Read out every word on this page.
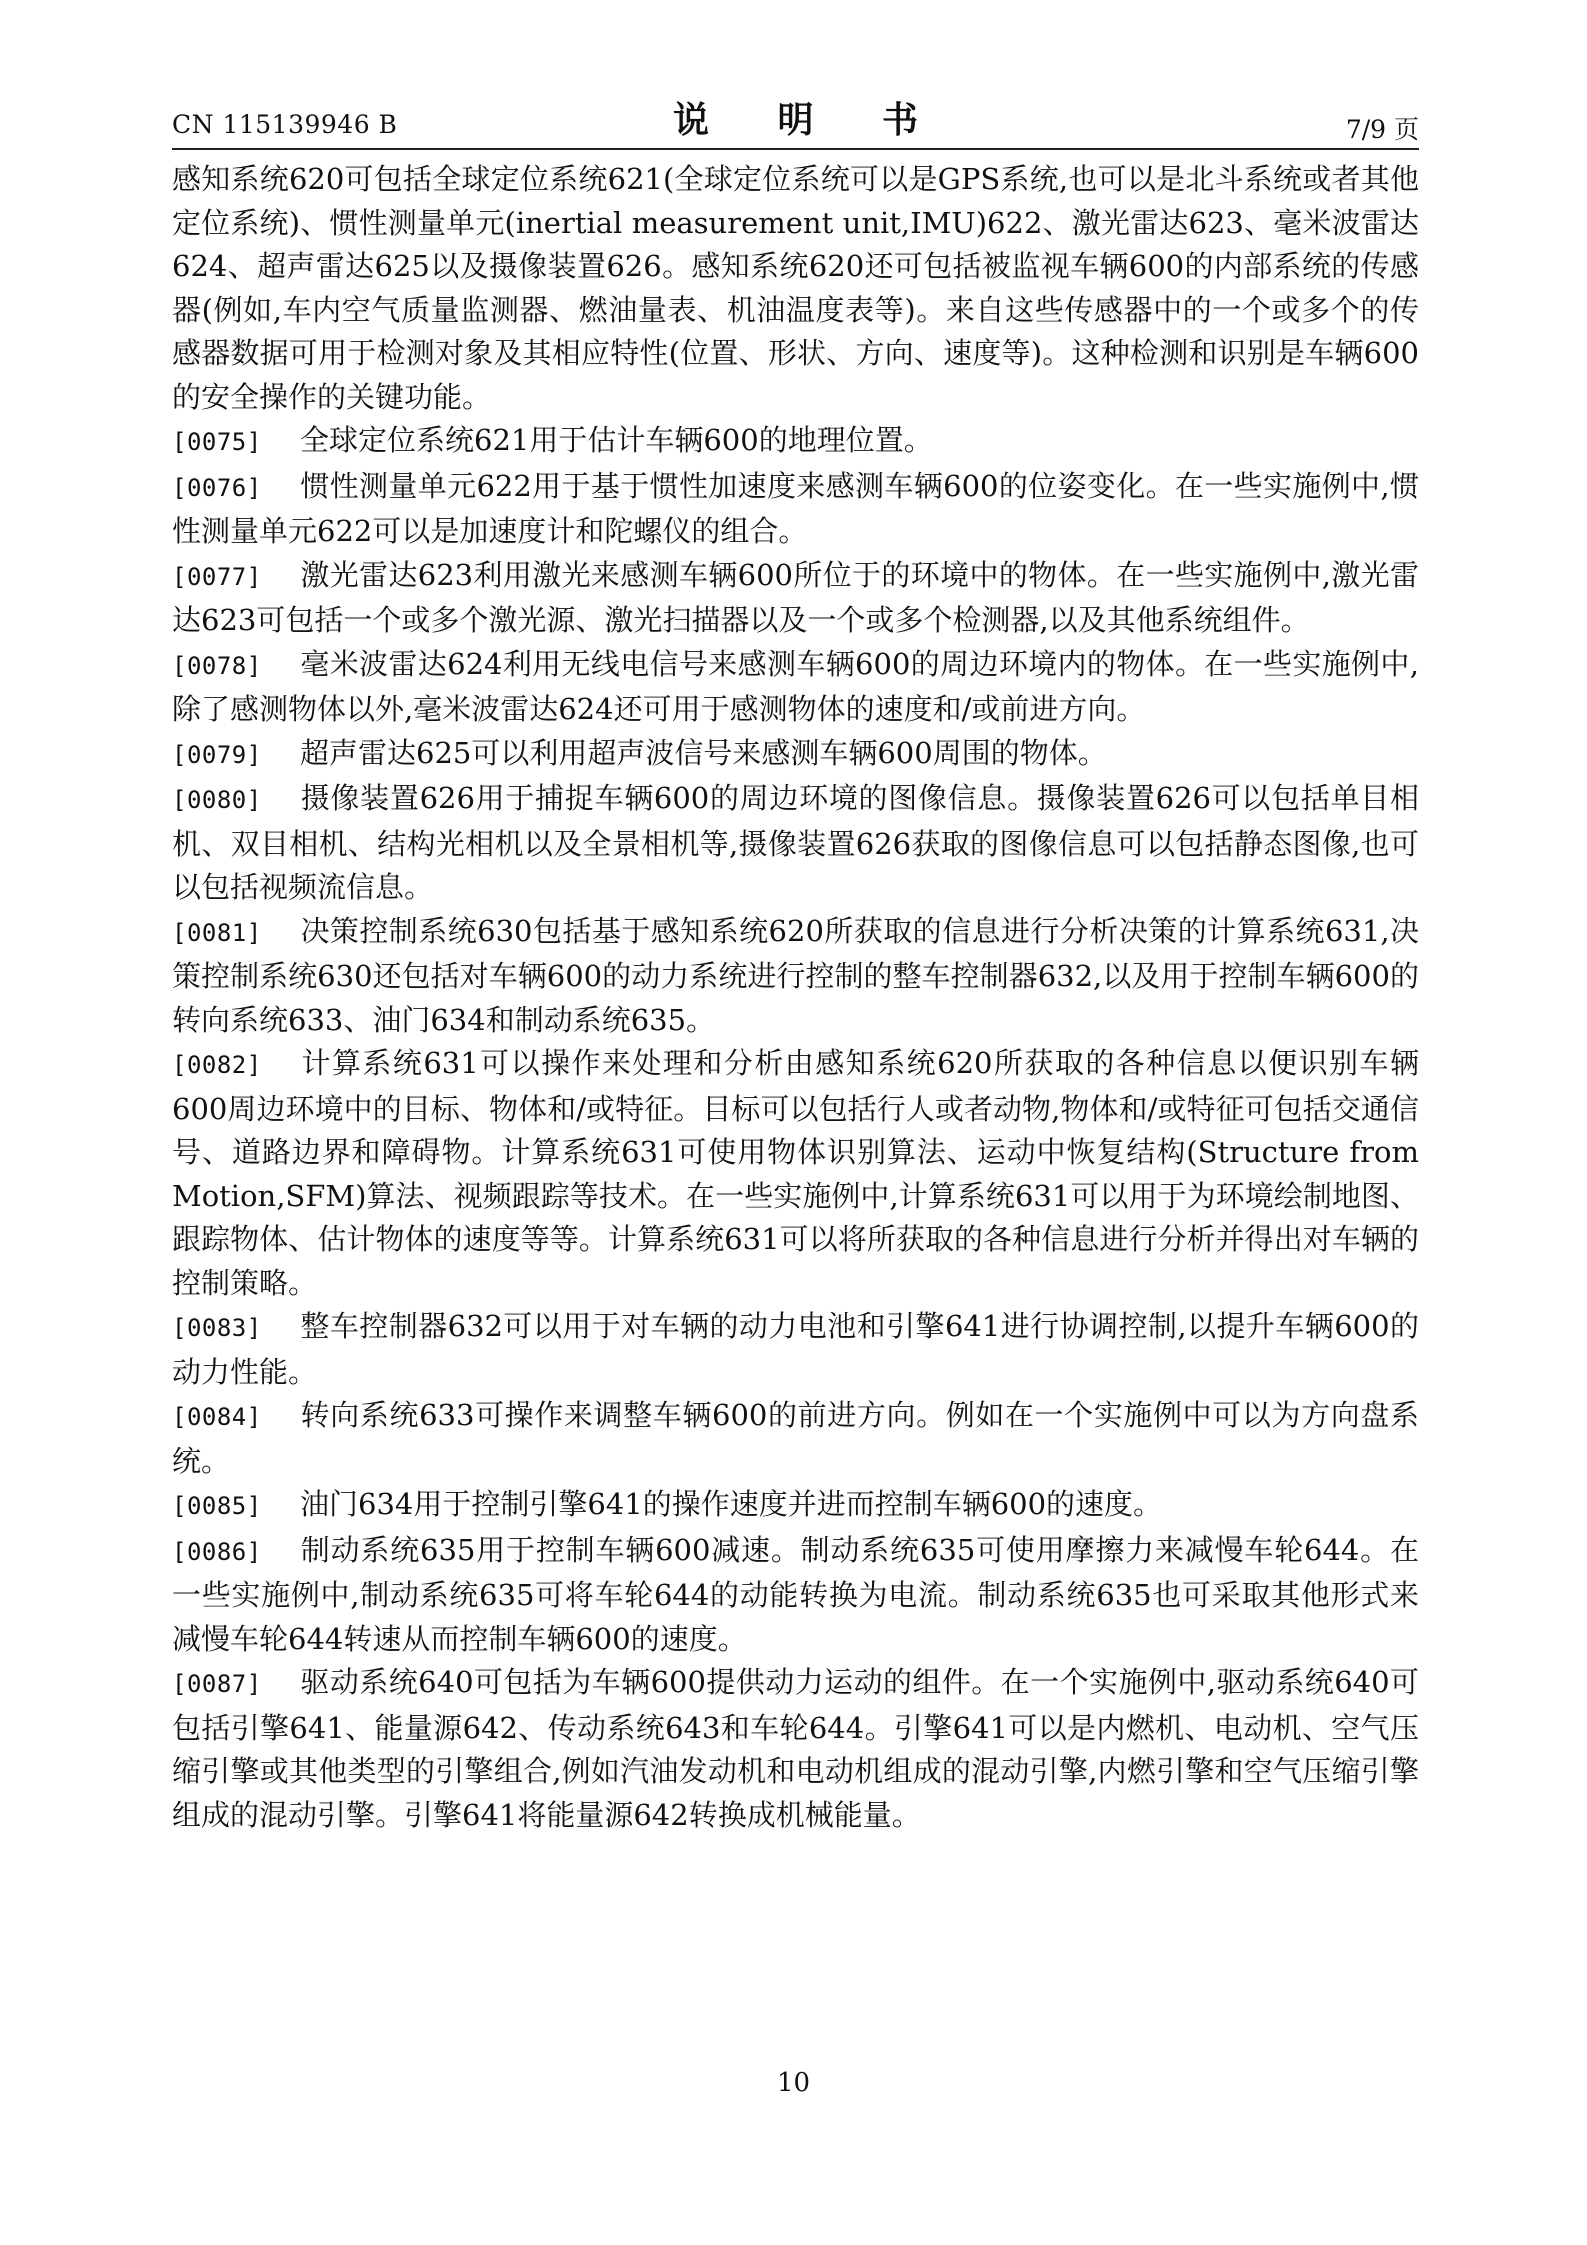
CN 115139946 B	说 明 书	7/9 页

感知系统620可包括全球定位系统621(全球定位系统可以是GPS系统,也可以是北斗系统或者其他定位系统)、惯性测量单元(inertial measurement unit,IMU)622、激光雷达623、毫米波雷达624、超声雷达625以及摄像装置626。感知系统620还可包括被监视车辆600的内部系统的传感器(例如,车内空气质量监测器、燃油量表、机油温度表等)。来自这些传感器中的一个或多个的传感器数据可用于检测对象及其相应特性(位置、形状、方向、速度等)。这种检测和识别是车辆600的安全操作的关键功能。

[0075] 全球定位系统621用于估计车辆600的地理位置。

[0076] 惯性测量单元622用于基于惯性加速度来感测车辆600的位姿变化。在一些实施例中,惯性测量单元622可以是加速度计和陀螺仪的组合。

[0077] 激光雷达623利用激光来感测车辆600所位于的环境中的物体。在一些实施例中,激光雷达623可包括一个或多个激光源、激光扫描器以及一个或多个检测器,以及其他系统组件。

[0078] 毫米波雷达624利用无线电信号来感测车辆600的周边环境内的物体。在一些实施例中,除了感测物体以外,毫米波雷达624还可用于感测物体的速度和/或前进方向。

[0079] 超声雷达625可以利用超声波信号来感测车辆600周围的物体。

[0080] 摄像装置626用于捕捉车辆600的周边环境的图像信息。摄像装置626可以包括单目相机、双目相机、结构光相机以及全景相机等,摄像装置626获取的图像信息可以包括静态图像,也可以包括视频流信息。

[0081] 决策控制系统630包括基于感知系统620所获取的信息进行分析决策的计算系统631,决策控制系统630还包括对车辆600的动力系统进行控制的整车控制器632,以及用于控制车辆600的转向系统633、油门634和制动系统635。

[0082] 计算系统631可以操作来处理和分析由感知系统620所获取的各种信息以便识别车辆600周边环境中的目标、物体和/或特征。目标可以包括行人或者动物,物体和/或特征可包括交通信号、道路边界和障碍物。计算系统631可使用物体识别算法、运动中恢复结构(Structure from Motion,SFM)算法、视频跟踪等技术。在一些实施例中,计算系统631可以用于为环境绘制地图、跟踪物体、估计物体的速度等等。计算系统631可以将所获取的各种信息进行分析并得出对车辆的控制策略。

[0083] 整车控制器632可以用于对车辆的动力电池和引擎641进行协调控制,以提升车辆600的动力性能。

[0084] 转向系统633可操作来调整车辆600的前进方向。例如在一个实施例中可以为方向盘系统。

[0085] 油门634用于控制引擎641的操作速度并进而控制车辆600的速度。

[0086] 制动系统635用于控制车辆600减速。制动系统635可使用摩擦力来减慢车轮644。在一些实施例中,制动系统635可将车轮644的动能转换为电流。制动系统635也可采取其他形式来减慢车轮644转速从而控制车辆600的速度。

[0087] 驱动系统640可包括为车辆600提供动力运动的组件。在一个实施例中,驱动系统640可包括引擎641、能量源642、传动系统643和车轮644。引擎641可以是内燃机、电动机、空气压缩引擎或其他类型的引擎组合,例如汽油发动机和电动机组成的混动引擎,内燃引擎和空气压缩引擎组成的混动引擎。引擎641将能量源642转换成机械能量。

10
